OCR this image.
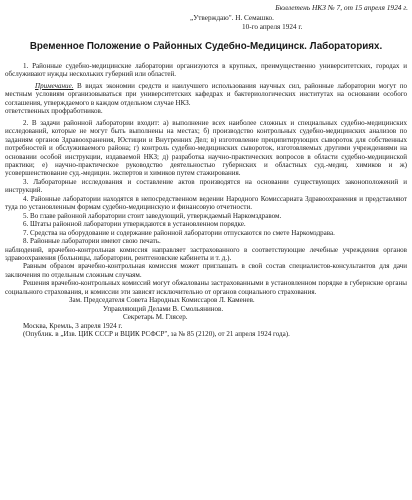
Бюллетень НКЗ № 7, от 15 апреля 1924 г.
„Утверждаю". Н. Семашко.
10-го апреля 1924 г.
Временное Положение о Районных Судебно-Медицинск. Лабораториях.

1. Районные судебно-медицинские лаборатории организуются в крупных, преимущественно университетских, городах и обслуживают нужды нескольких губерний или областей.

Примечание. В видах экономии средств и наилучшего использования научных сил, районные лаборатории могут по местным условиям организовываться при университетских кафедрах и бактериологических институтах на основании особого соглашения, утверждаемого в каждом отдельном случае НКЗ.

ответственных профработников.

2. В задачи районной лаборатории входит: а) выполнение всех наиболее сложных и специальных судебно-медицинских исследований, которые не могут быть выполнены на местах; б) производство контрольных судебно-медицинских анализов по заданиям органов Здравоохранения, Юстиции и Внутренних Дел; в) изготовление преципитирующих сывороток для собственных потребностей и обслуживаемого района; г) контроль судебно-медицинских сывороток, изготовляемых другими учреждениями на основании особой инструкции, издаваемой НКЗ; д) разработка научно-практических вопросов в области судебно-медицинской практики; е) научно-практическое руководство деятельностью губернских и областных суд.-медиц. химиков и ж) усовершенствование суд.-медицин. экспертов и химиков путем стажирования.

3. Лабораторные исследования и составление актов производятся на основании существующих законоположений и инструкций.

4. Районные лаборатории находятся в непосредственном ведении Народного Комиссариата Здравоохранения и представляют туда по установленным формам судебно-медицинскую и финансовую отчетности.

5. Во главе районной лаборатории стоит заведующий, утверждаемый Наркомздравом.

6. Штаты районной лаборатории утверждаются в установленном порядке.

7. Средства на оборудование и содержание районной лаборатории отпускаются по смете Наркомздрава.

8. Районные лаборатории имеют свою печать.

наблюдений, врачебно-контрольная комиссия направляет застрахованного в соответствующие лечебные учреждения органов здравоохранения (больницы, лаборатории, рентгеновские кабинеты и т. д.).

Равным образом врачебно-контрольная комиссия может приглашать в свой состав специалистов-консультантов для дачи заключения по отдельным сложным случаям.

Решения врачебно-контрольных комиссий могут обжалованы застрахованными в установленном порядке в губернские органы социального страхования, и комиссии эти зависят исключительно от органов социального страхования.

Зам. Председателя Совета Народных Комиссаров Л. Каменев.
Управляющий Делами В. Смольянинов.
Секретарь М. Глясер.
Москва, Кремль, 3 апреля 1924 г.
(Опублик. в „Изв. ЦИК СССР и ВЦИК РСФСР", за № 85 (2120), от 21 апреля 1924 года).
